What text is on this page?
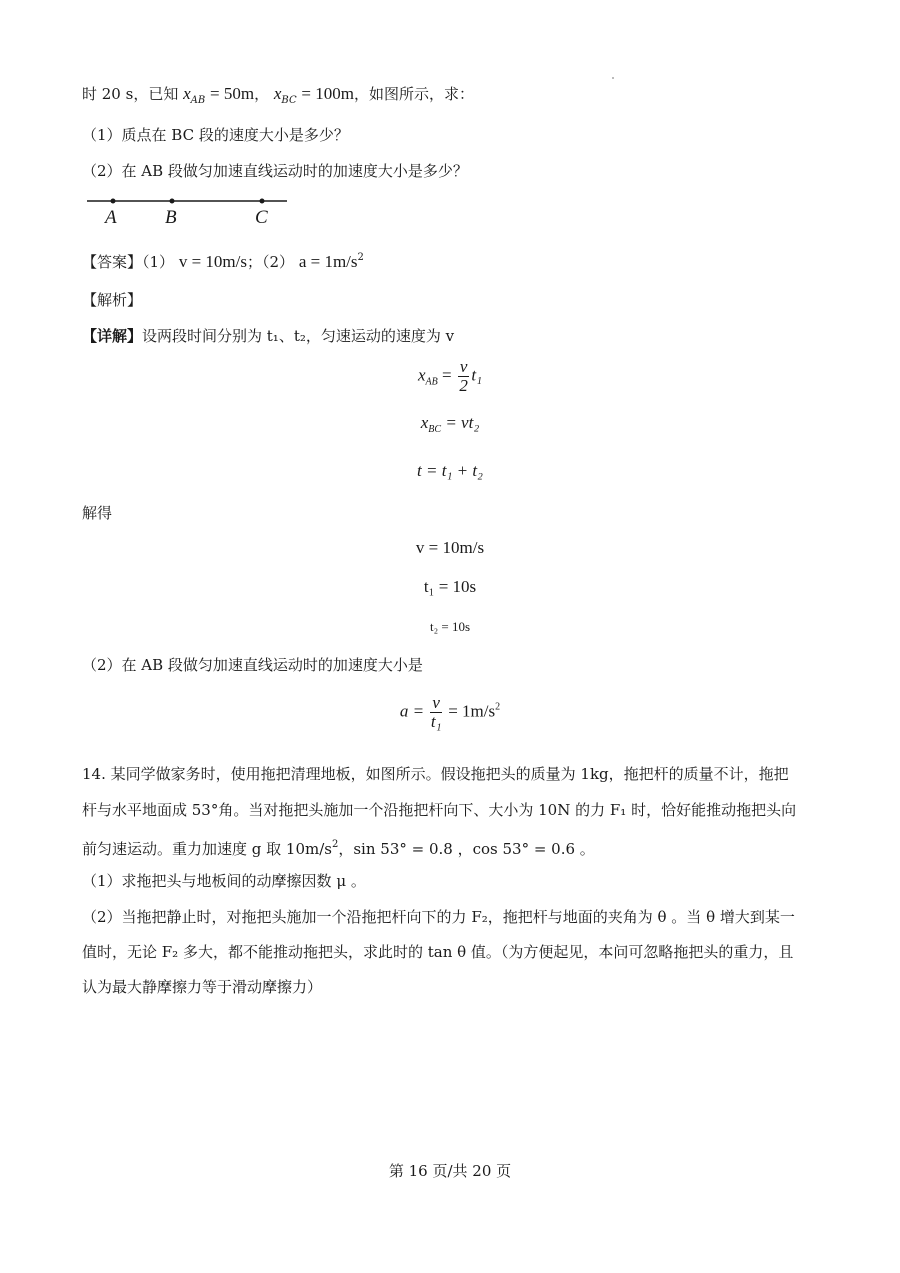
时 20 s，已知 $x_{AB} = 50m$， $x_{BC} = 100m$，如图所示，求：
（1）质点在 BC 段的速度大小是多少？
（2）在 AB 段做匀加速直线运动时的加速度大小是多少？
A	B	C
【答案】（1） v = 10m/s；（2） $a = 1m/s^2$
【解析】
【详解】设两段时间分别为 t₁、t₂，匀速运动的速度为 v
$x_{AB} = \frac{v}{2} t_1$
$x_{BC} = vt_2$
t = t₁ + t₂
解得
v = 10m/s
t₁ = 10s
t₂ = 10s
（2）在 AB 段做匀加速直线运动时的加速度大小是
$a = \frac{v}{\text{t₁}} = 1m/s^2$
14. 某同学做家务时，使用拖把清理地板，如图所示。假设拖把头的质量为 1kg，拖把杆的质量不计，拖把
杆与水平地面成 53°角。当对拖把头施加一个沿拖把杆向下、大小为 10N 的力 F₁ 时，恰好能推动拖把头向
前匀速运动。重力加速度 g 取 $10m/s^2$，sin 53° = 0.8 ，cos 53° = 0.6 。
（1）求拖把头与地板间的动摩擦因数 μ 。
（2）当拖把静止时，对拖把头施加一个沿拖把杆向下的力 F₂，拖把杆与地面的夹角为 θ 。当 θ 增大到某一
值时，无论 F₂ 多大，都不能推动拖把头，求此时的 tan θ 值。（为方便起见，本问可忽略拖把头的重力，且
认为最大静摩擦力等于滑动摩擦力）
第 16 页/共 20 页
